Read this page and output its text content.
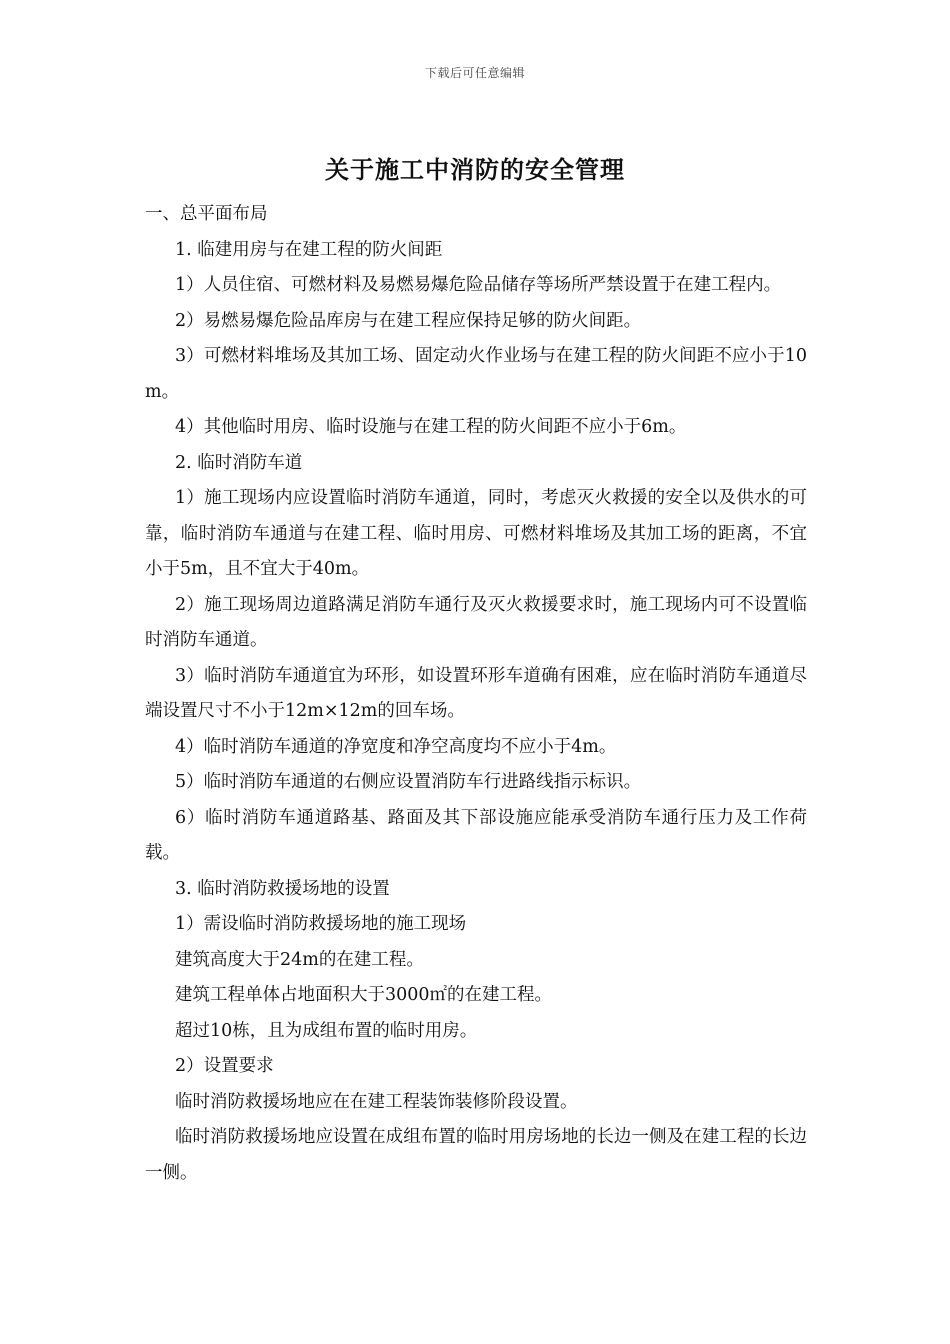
下载后可任意编辑
关于施工中消防的安全管理

一、总平面布局

1. 临建用房与在建工程的防火间距

1）人员住宿、可燃材料及易燃易爆危险品储存等场所严禁设置于在建工程内。

2）易燃易爆危险品库房与在建工程应保持足够的防火间距。

3）可燃材料堆场及其加工场、固定动火作业场与在建工程的防火间距不应小于10m。

4）其他临时用房、临时设施与在建工程的防火间距不应小于6m。

2. 临时消防车道

1）施工现场内应设置临时消防车通道，同时，考虑灭火救援的安全以及供水的可靠，临时消防车通道与在建工程、临时用房、可燃材料堆场及其加工场的距离，不宜小于5m，且不宜大于40m。

2）施工现场周边道路满足消防车通行及灭火救援要求时，施工现场内可不设置临时消防车通道。

3）临时消防车通道宜为环形，如设置环形车道确有困难，应在临时消防车通道尽端设置尺寸不小于12m×12m的回车场。

4）临时消防车通道的净宽度和净空高度均不应小于4m。

5）临时消防车通道的右侧应设置消防车行进路线指示标识。

6）临时消防车通道路基、路面及其下部设施应能承受消防车通行压力及工作荷载。

3. 临时消防救援场地的设置

1）需设临时消防救援场地的施工现场

建筑高度大于24m的在建工程。

建筑工程单体占地面积大于3000㎡的在建工程。

超过10栋，且为成组布置的临时用房。

2）设置要求

临时消防救援场地应在在建工程装饰装修阶段设置。

临时消防救援场地应设置在成组布置的临时用房场地的长边一侧及在建工程的长边一侧。
